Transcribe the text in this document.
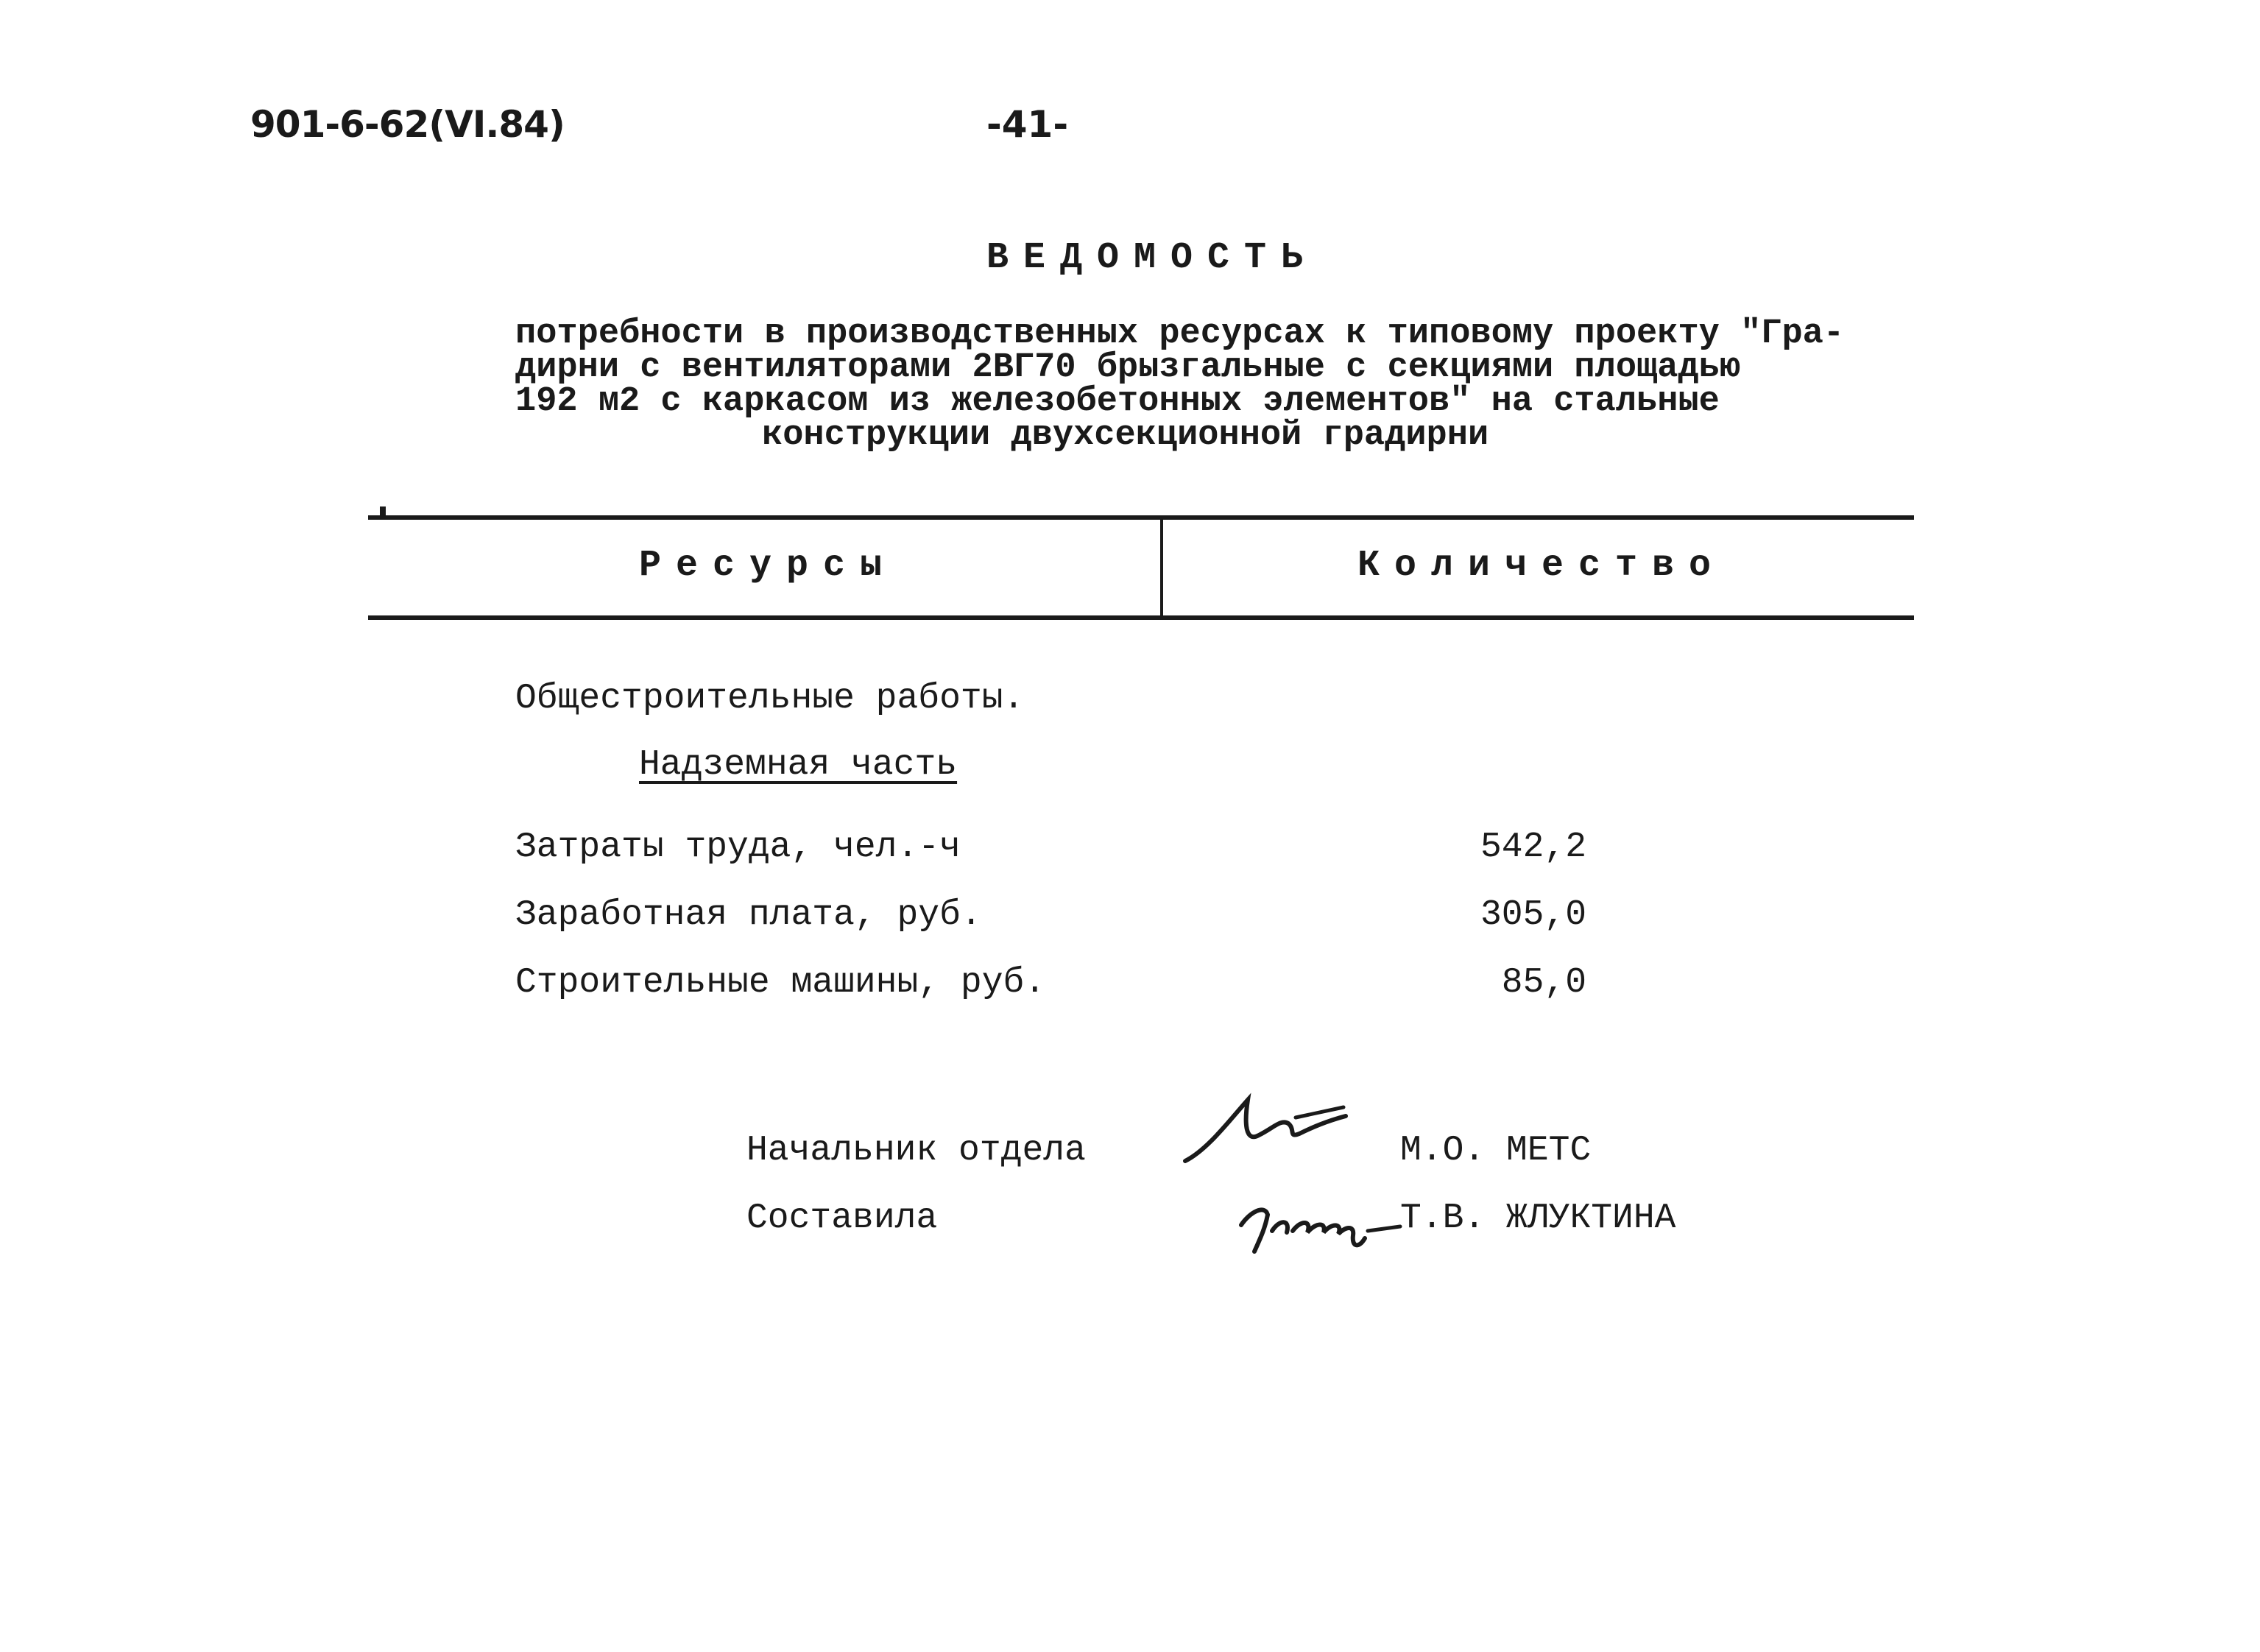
901-6-62(VI.84)	-41-
ВЕДОМОСТЬ
потребности в производственных ресурсах к типовому проекту "Гра-
дирни с вентиляторами 2ВГ70 брызгальные с секциями площадью
192 м2 с каркасом из железобетонных элементов" на стальные
конструкции двухсекционной градирни
Ресурсы	Количество
Общестроительные работы.
Надземная часть
Затраты труда, чел.-ч	542,2
Заработная плата, руб.	305,0
Строительные машины, руб.	85,0
Начальник отдела	М.О. МЕТС
Составила	Т.В. ЖЛУКТИНА
